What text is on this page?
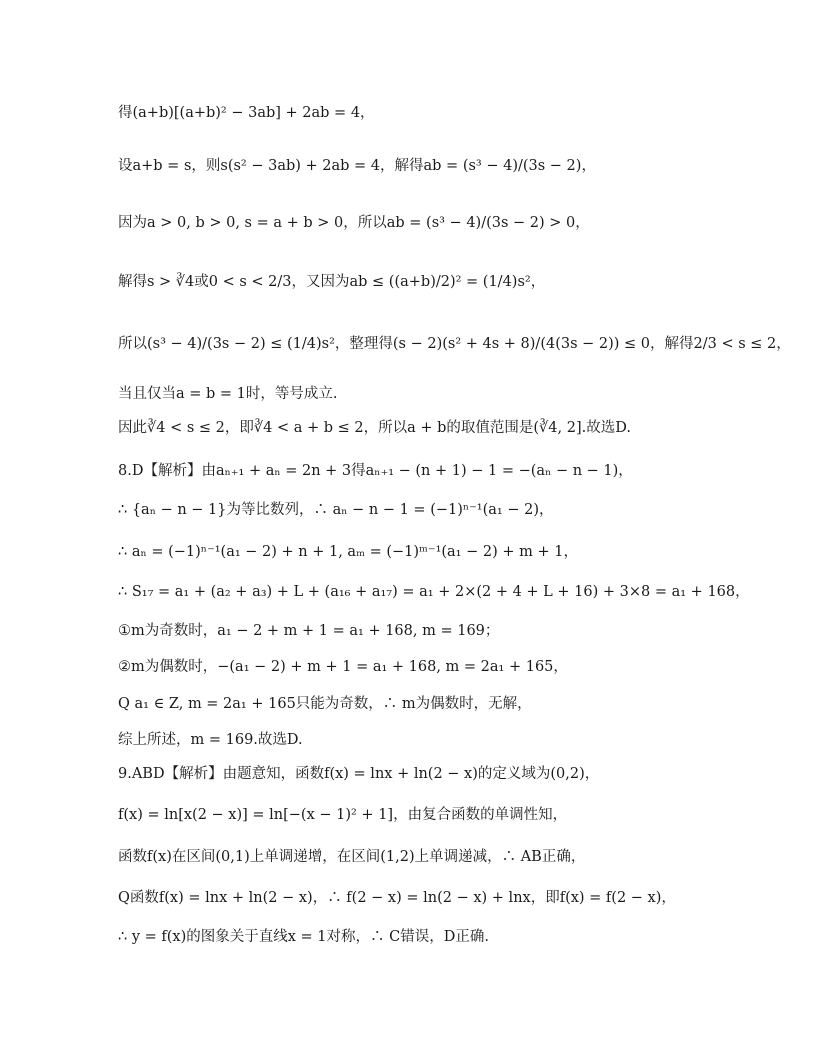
得(a+b)[(a+b)² − 3ab] + 2ab = 4，
设a+b = s，则s(s² − 3ab) + 2ab = 4，解得ab = (s³ − 4)/(3s − 2)，
因为a > 0, b > 0, s = a + b > 0，所以ab = (s³ − 4)/(3s − 2) > 0，
解得s > ∛4或0 < s < 2/3，又因为ab ≤ ((a+b)/2)² = (1/4)s²，
所以(s³ − 4)/(3s − 2) ≤ (1/4)s²，整理得(s − 2)(s² + 4s + 8)/(4(3s − 2)) ≤ 0，解得2/3 < s ≤ 2，
当且仅当a = b = 1时，等号成立.
因此∛4 < s ≤ 2，即∛4 < a + b ≤ 2，所以a + b的取值范围是(∛4, 2].故选D.
8.D【解析】由aₙ₊₁ + aₙ = 2n + 3得aₙ₊₁ − (n + 1) − 1 = −(aₙ − n − 1)，
∴ {aₙ − n − 1}为等比数列，∴ aₙ − n − 1 = (−1)ⁿ⁻¹(a₁ − 2)，
∴ aₙ = (−1)ⁿ⁻¹(a₁ − 2) + n + 1, aₘ = (−1)ᵐ⁻¹(a₁ − 2) + m + 1，
∴ S₁₇ = a₁ + (a₂ + a₃) + L + (a₁₆ + a₁₇) = a₁ + 2×(2 + 4 + L + 16) + 3×8 = a₁ + 168，
①m为奇数时，a₁ − 2 + m + 1 = a₁ + 168, m = 169；
②m为偶数时，−(a₁ − 2) + m + 1 = a₁ + 168, m = 2a₁ + 165，
Q a₁ ∈ Z, m = 2a₁ + 165只能为奇数，∴ m为偶数时，无解，
综上所述，m = 169.故选D.
9.ABD【解析】由题意知，函数f(x) = lnx + ln(2 − x)的定义域为(0,2)，
f(x) = ln[x(2 − x)] = ln[−(x − 1)² + 1]，由复合函数的单调性知，
函数f(x)在区间(0,1)上单调递增，在区间(1,2)上单调递减，∴ AB正确，
Q函数f(x) = lnx + ln(2 − x)，∴ f(2 − x) = ln(2 − x) + lnx，即f(x) = f(2 − x)，
∴ y = f(x)的图象关于直线x = 1对称，∴ C错误，D正确.
